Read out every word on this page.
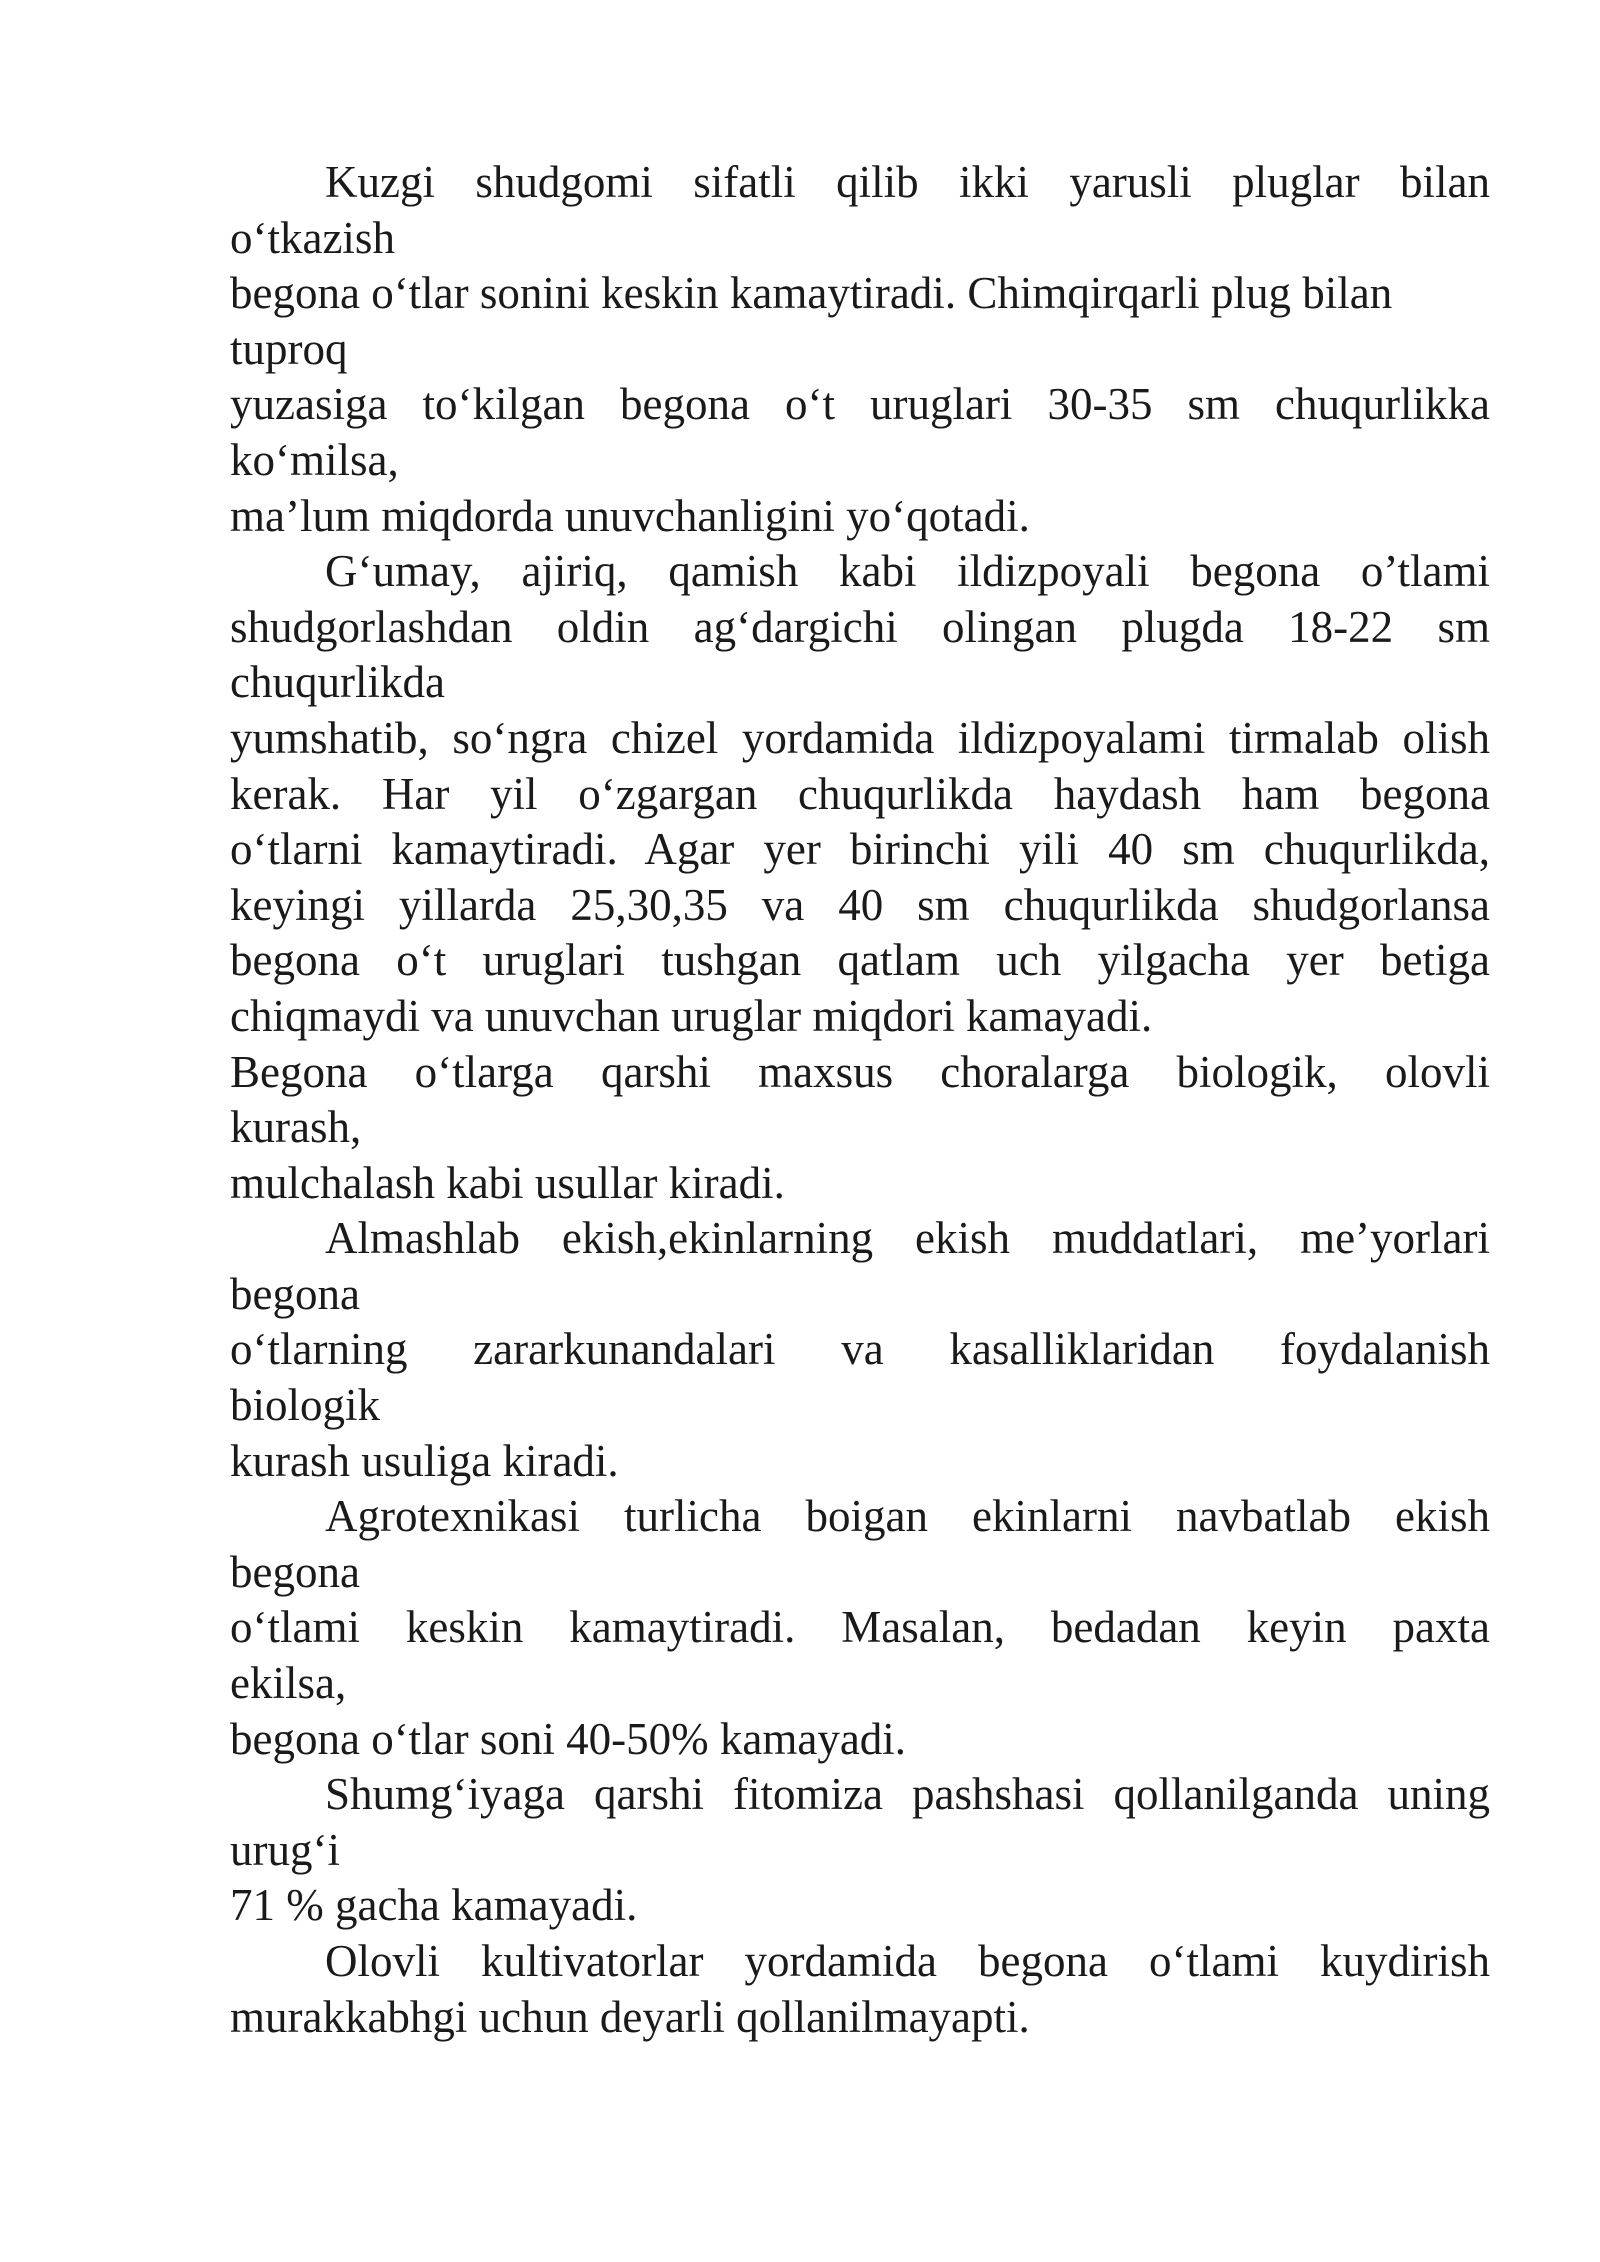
Kuzgi shudgomi sifatli qilib ikki yarusli pluglar bilan
o‘tkazish
begona o‘tlar sonini keskin kamaytiradi. Chimqirqarli plug bilan
tuproq
yuzasiga to‘kilgan begona o‘t uruglari 30-35 sm chuqurlikka
ko‘milsa,
ma’lum miqdorda unuvchanligini yo‘qotadi.
G‘umay, ajiriq, qamish kabi ildizpoyali begona o’tlami
shudgorlashdan oldin ag‘dargichi olingan plugda 18-22 sm
chuqurlikda
yumshatib, so‘ngra chizel yordamida ildizpoyalami tirmalab olish
kerak. Har yil o‘zgargan chuqurlikda haydash ham begona
o‘tlarni kamaytiradi. Agar yer birinchi yili 40 sm chuqurlikda,
keyingi yillarda 25,30,35 va 40 sm chuqurlikda shudgorlansa
begona o‘t uruglari tushgan qatlam uch yilgacha yer betiga
chiqmaydi va unuvchan uruglar miqdori kamayadi.
Begona o‘tlarga qarshi maxsus choralarga biologik, olovli
kurash,
mulchalash kabi usullar kiradi.
Almashlab ekish,ekinlarning ekish muddatlari, me’yorlari
begona
o‘tlarning zararkunandalari va kasalliklaridan foydalanish
biologik
kurash usuliga kiradi.
Agrotexnikasi turlicha boigan ekinlarni navbatlab ekish
begona
o‘tlami keskin kamaytiradi. Masalan, bedadan keyin paxta
ekilsa,
begona o‘tlar soni 40-50% kamayadi.
Shumg‘iyaga qarshi fitomiza pashshasi qollanilganda uning
urug‘i
71 % gacha kamayadi.
Olovli kultivatorlar yordamida begona o‘tlami kuydirish
murakkabhgi uchun deyarli qollanilmayapti.
